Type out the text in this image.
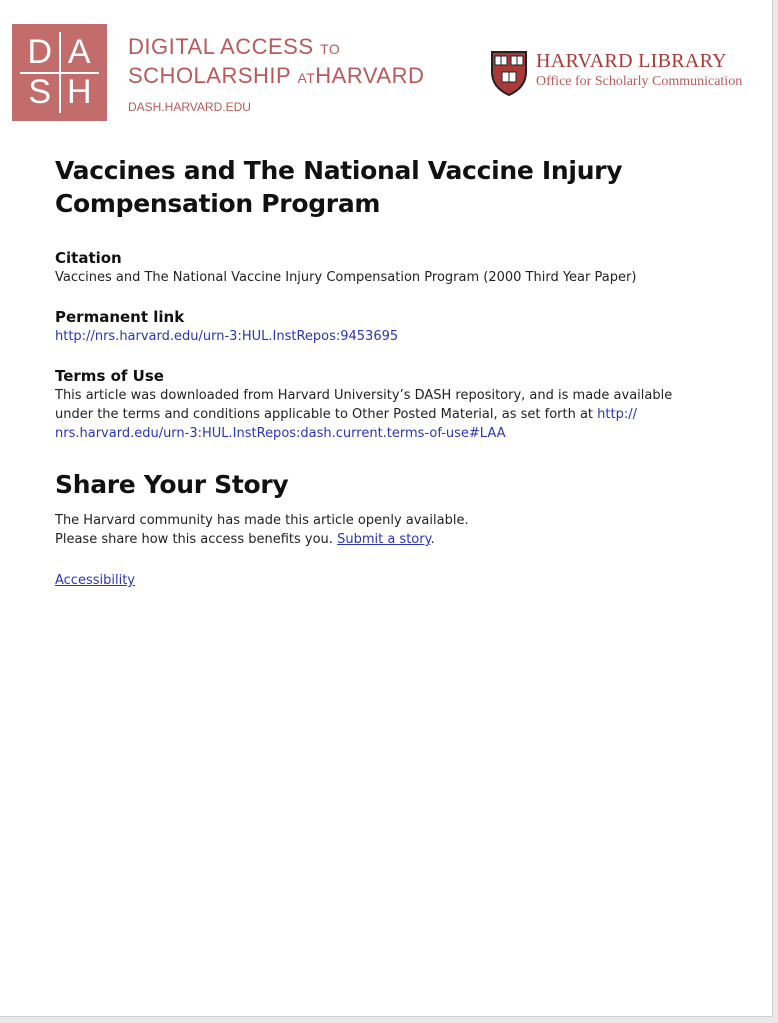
D A
S H
DIGITAL ACCESS TO
SCHOLARSHIP ATHARVARD
DASH.HARVARD.EDU
HARVARD LIBRARY
Office for Scholarly Communication
Vaccines and The National Vaccine Injury
Compensation Program
Citation
Vaccines and The National Vaccine Injury Compensation Program (2000 Third Year Paper)
Permanent link
http://nrs.harvard.edu/urn-3:HUL.InstRepos:9453695
Terms of Use
This article was downloaded from Harvard University’s DASH repository, and is made available
under the terms and conditions applicable to Other Posted Material, as set forth at http://
nrs.harvard.edu/urn-3:HUL.InstRepos:dash.current.terms-of-use#LAA
Share Your Story
The Harvard community has made this article openly available.
Please share how this access benefits you. Submit a story.
Accessibility
